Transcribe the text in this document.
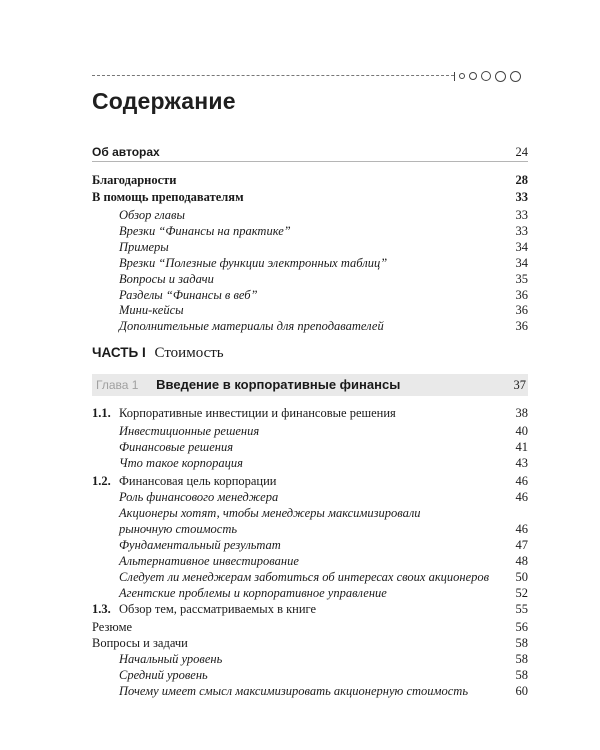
Содержание
Об авторах	24
Благодарности	28
В помощь преподавателям	33
Обзор главы	33
Врезки “Финансы на практике”	33
Примеры	34
Врезки “Полезные функции электронных таблиц”	34
Вопросы и задачи	35
Разделы “Финансы в веб”	36
Мини-кейсы	36
Дополнительные материалы для преподавателей	36
ЧАСТЬ I Стоимость
Глава 1 Введение в корпоративные финансы	37
1.1. Корпоративные инвестиции и финансовые решения	38
Инвестиционные решения	40
Финансовые решения	41
Что такое корпорация	43
1.2. Финансовая цель корпорации	46
Роль финансового менеджера	46
Акционеры хотят, чтобы менеджеры максимизировали
рыночную стоимость	46
Фундаментальный результат	47
Альтернативное инвестирование	48
Следует ли менеджерам заботиться об интересах своих акционеров 50
Агентские проблемы и корпоративное управление	52
1.3. Обзор тем, рассматриваемых в книге	55
Резюме	56
Вопросы и задачи	58
Начальный уровень	58
Средний уровень	58
Почему имеет смысл максимизировать акционерную стоимость	60
